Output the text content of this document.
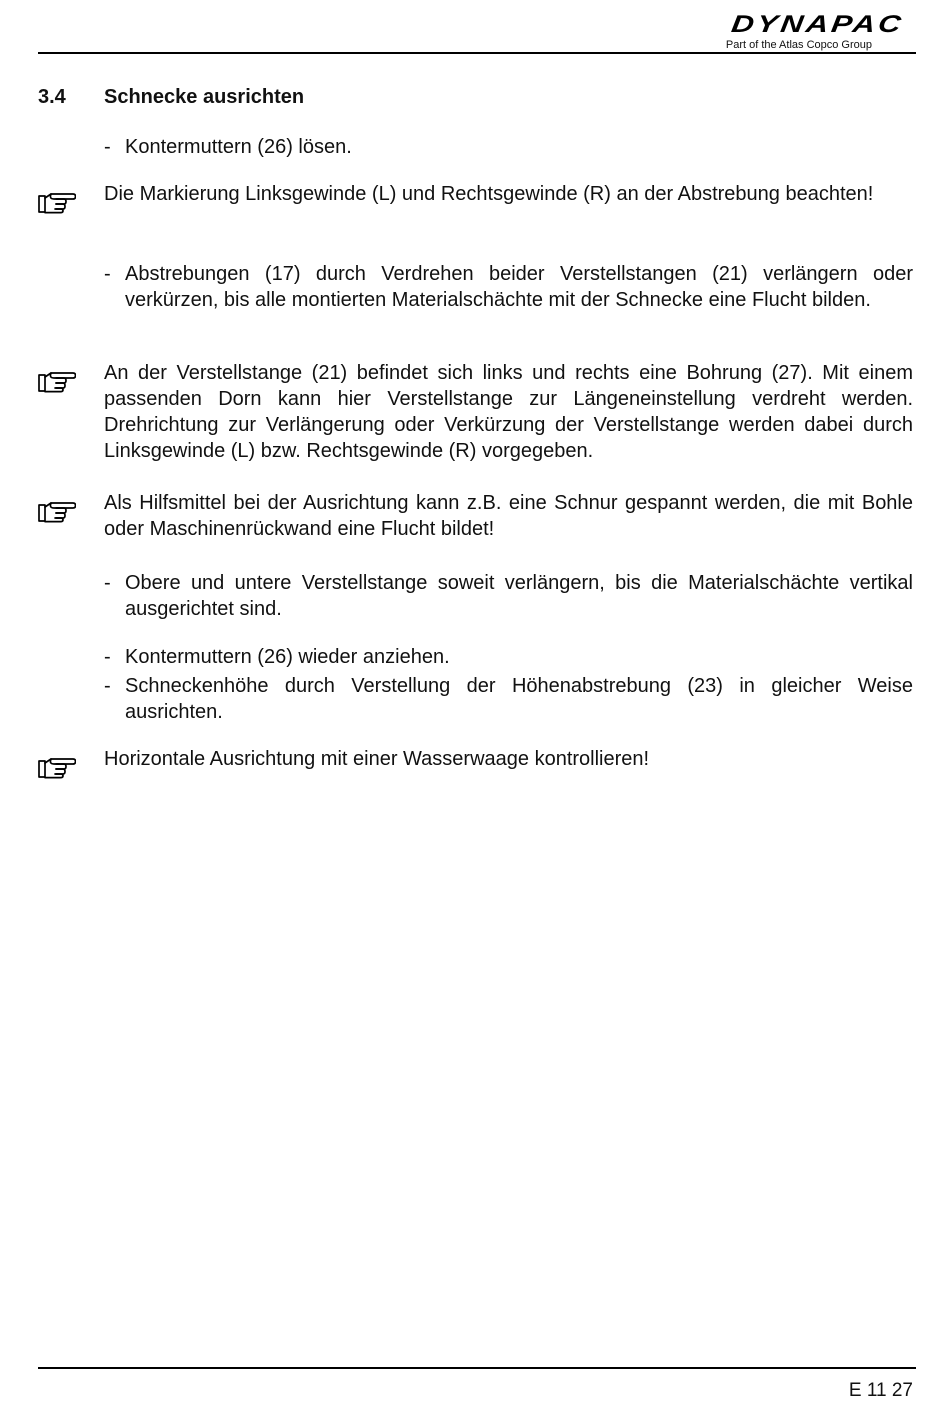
DYNAPAC
Part of the Atlas Copco Group
3.4	Schnecke ausrichten
- Kontermuttern (26) lösen.
Die Markierung Linksgewinde (L) und Rechtsgewinde (R) an der Abstrebung beachten!
- Abstrebungen (17) durch Verdrehen beider Verstellstangen (21) verlängern oder verkürzen, bis alle montierten Materialschächte mit der Schnecke eine Flucht bilden.
An der Verstellstange (21) befindet sich links und rechts eine Bohrung (27). Mit einem passenden Dorn kann hier Verstellstange zur Längeneinstellung verdreht werden. Drehrichtung zur Verlängerung oder Verkürzung der Verstellstange werden dabei durch Linksgewinde (L) bzw. Rechtsgewinde (R) vorgegeben.
Als Hilfsmittel bei der Ausrichtung kann z.B. eine Schnur gespannt werden, die mit Bohle oder Maschinenrückwand eine Flucht bildet!
- Obere und untere Verstellstange soweit verlängern, bis die Materialschächte vertikal ausgerichtet sind.
- Kontermuttern (26) wieder anziehen.
- Schneckenhöhe durch Verstellung der Höhenabstrebung (23) in gleicher Weise ausrichten.
Horizontale Ausrichtung mit einer Wasserwaage kontrollieren!
E 11 27
